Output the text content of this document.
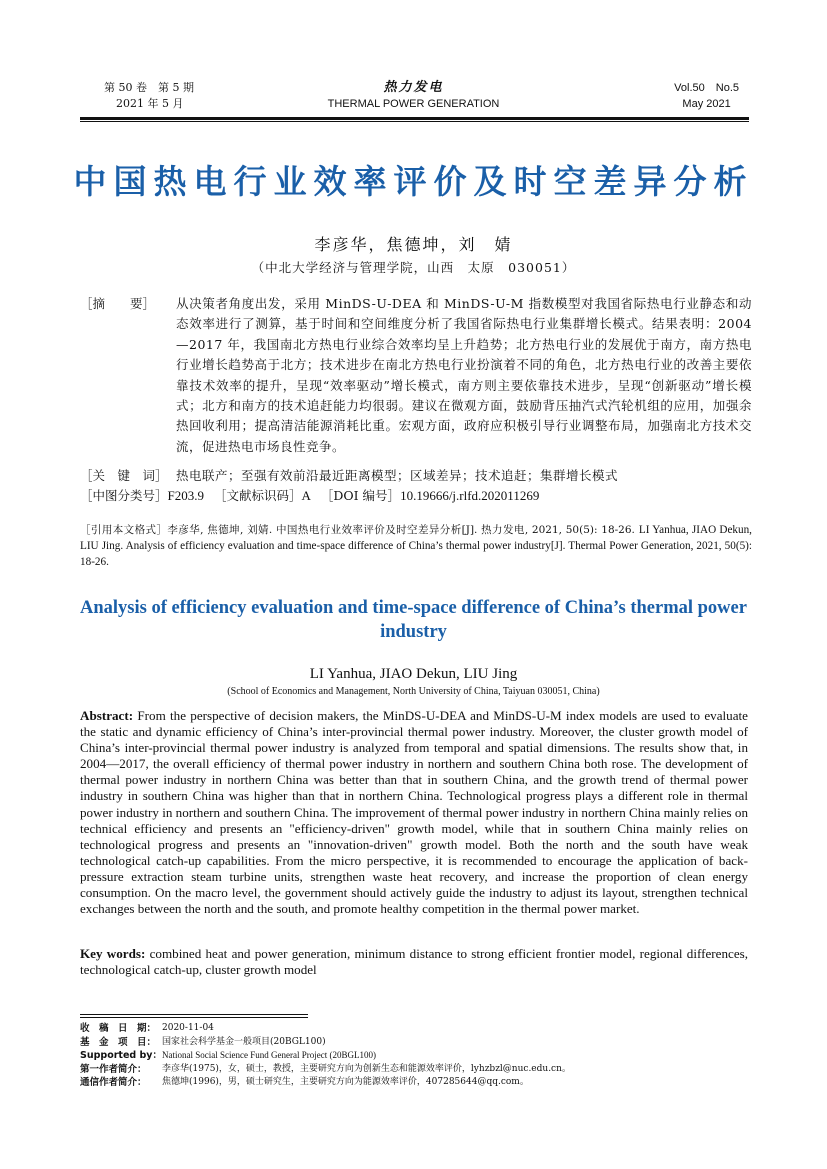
第 50 卷　第 5 期
2021 年 5 月
热力发电
THERMAL POWER GENERATION
Vol.50　No.5
May 2021
中国热电行业效率评价及时空差异分析
李彦华，焦德坤，刘　婧
（中北大学经济与管理学院，山西　太原　030051）
［摘　　要］	从决策者角度出发，采用 MinDS-U-DEA 和 MinDS-U-M 指数模型对我国省际热电行业静态和动态效率进行了测算，基于时间和空间维度分析了我国省际热电行业集群增长模式。结果表明：2004—2017 年，我国南北方热电行业综合效率均呈上升趋势；北方热电行业的发展优于南方，南方热电行业增长趋势高于北方；技术进步在南北方热电行业扮演着不同的角色，北方热电行业的改善主要依靠技术效率的提升，呈现“效率驱动”增长模式，南方则主要依靠技术进步，呈现“创新驱动”增长模式；北方和南方的技术追赶能力均很弱。建议在微观方面，鼓励背压抽汽式汽轮机组的应用，加强余热回收利用；提高清洁能源消耗比重。宏观方面，政府应积极引导行业调整布局，加强南北方技术交流，促进热电市场良性竞争。
［关　键　词］ 热电联产；至强有效前沿最近距离模型；区域差异；技术追赶；集群增长模式
［中图分类号］F203.9 ［文献标识码］A ［DOI 编号］10.19666/j.rlfd.202011269
［引用本文格式］李彦华, 焦德坤, 刘婧. 中国热电行业效率评价及时空差异分析[J]. 热力发电, 2021, 50(5): 18-26. LI Yanhua, JIAO Dekun, LIU Jing. Analysis of efficiency evaluation and time-space difference of China’s thermal power industry[J]. Thermal Power Generation, 2021, 50(5): 18-26.
Analysis of efficiency evaluation and time-space difference of China’s thermal power industry
LI Yanhua, JIAO Dekun, LIU Jing
(School of Economics and Management, North University of China, Taiyuan 030051, China)
Abstract: From the perspective of decision makers, the MinDS-U-DEA and MinDS-U-M index models are used to evaluate the static and dynamic efficiency of China’s inter-provincial thermal power industry. Moreover, the cluster growth model of China’s inter-provincial thermal power industry is analyzed from temporal and spatial dimensions. The results show that, in 2004—2017, the overall efficiency of thermal power industry in northern and southern China both rose. The development of thermal power industry in northern China was better than that in southern China, and the growth trend of thermal power industry in southern China was higher than that in northern China. Technological progress plays a different role in thermal power industry in northern and southern China. The improvement of thermal power industry in northern China mainly relies on technical efficiency and presents an "efficiency-driven" growth model, while that in southern China mainly relies on technological progress and presents an "innovation-driven" growth model. Both the north and the south have weak technological catch-up capabilities. From the micro perspective, it is recommended to encourage the application of back-pressure extraction steam turbine units, strengthen waste heat recovery, and increase the proportion of clean energy consumption. On the macro level, the government should actively guide the industry to adjust its layout, strengthen technical exchanges between the north and the south, and promote healthy competition in the thermal power market.
Key words: combined heat and power generation, minimum distance to strong efficient frontier model, regional differences, technological catch-up, cluster growth model
收　稿　日　期： 2020-11-04
基　金　项　目： 国家社会科学基金一般项目(20BGL100)
Supported by： National Social Science Fund General Project (20BGL100)
第一作者简介：	李彦华(1975)，女，硕士，教授，主要研究方向为创新生态和能源效率评价，lyhzbzl@nuc.edu.cn。
通信作者简介：	焦德坤(1996)，男，硕士研究生，主要研究方向为能源效率评价，407285644@qq.com。
